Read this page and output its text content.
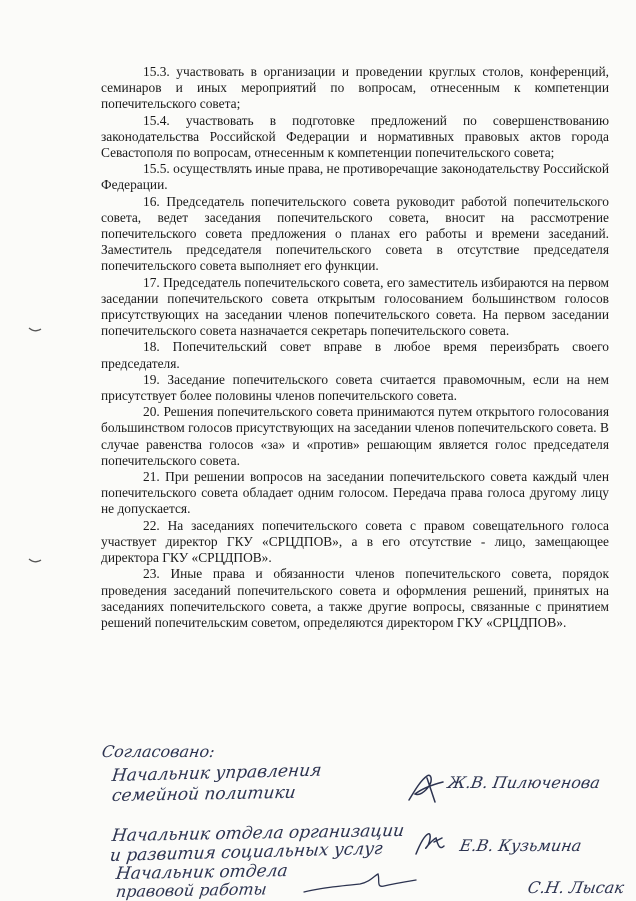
15.3. участвовать в организации и проведении круглых столов, конференций, семинаров и иных мероприятий по вопросам, отнесенным к компетенции попечительского совета;

15.4. участвовать в подготовке предложений по совершенствованию законодательства Российской Федерации и нормативных правовых актов города Севастополя по вопросам, отнесенным к компетенции попечительского совета;

15.5. осуществлять иные права, не противоречащие законодательству Российской Федерации.

16. Председатель попечительского совета руководит работой попечительского совета, ведет заседания попечительского совета, вносит на рассмотрение попечительского совета предложения о планах его работы и времени заседаний. Заместитель председателя попечительского совета в отсутствие председателя попечительского совета выполняет его функции.

17. Председатель попечительского совета, его заместитель избираются на первом заседании попечительского совета открытым голосованием большинством голосов присутствующих на заседании членов попечительского совета. На первом заседании попечительского совета назначается секретарь попечительского совета.

18. Попечительский совет вправе в любое время переизбрать своего председателя.

19. Заседание попечительского совета считается правомочным, если на нем присутствует более половины членов попечительского совета.

20. Решения попечительского совета принимаются путем открытого голосования большинством голосов присутствующих на заседании членов попечительского совета. В случае равенства голосов «за» и «против» решающим является голос председателя попечительского совета.

21. При решении вопросов на заседании попечительского совета каждый член попечительского совета обладает одним голосом. Передача права голоса другому лицу не допускается.

22. На заседаниях попечительского совета с правом совещательного голоса участвует директор ГКУ «СРЦДПОВ», а в его отсутствие - лицо, замещающее директора ГКУ «СРЦДПОВ».

23. Иные права и обязанности членов попечительского совета, порядок проведения заседаний попечительского совета и оформления решений, принятых на заседаниях попечительского совета, а также другие вопросы, связанные с принятием решений попечительским советом, определяются директором ГКУ «СРЦДПОВ».

Согласовано:
Начальник управления
семейной политики
Ж.В. Пилюченова
Начальник отдела организации
и развития социальных услуг	Е.В. Кузьмина
Начальник отдела
правовой работы	С.Н. Лысак
